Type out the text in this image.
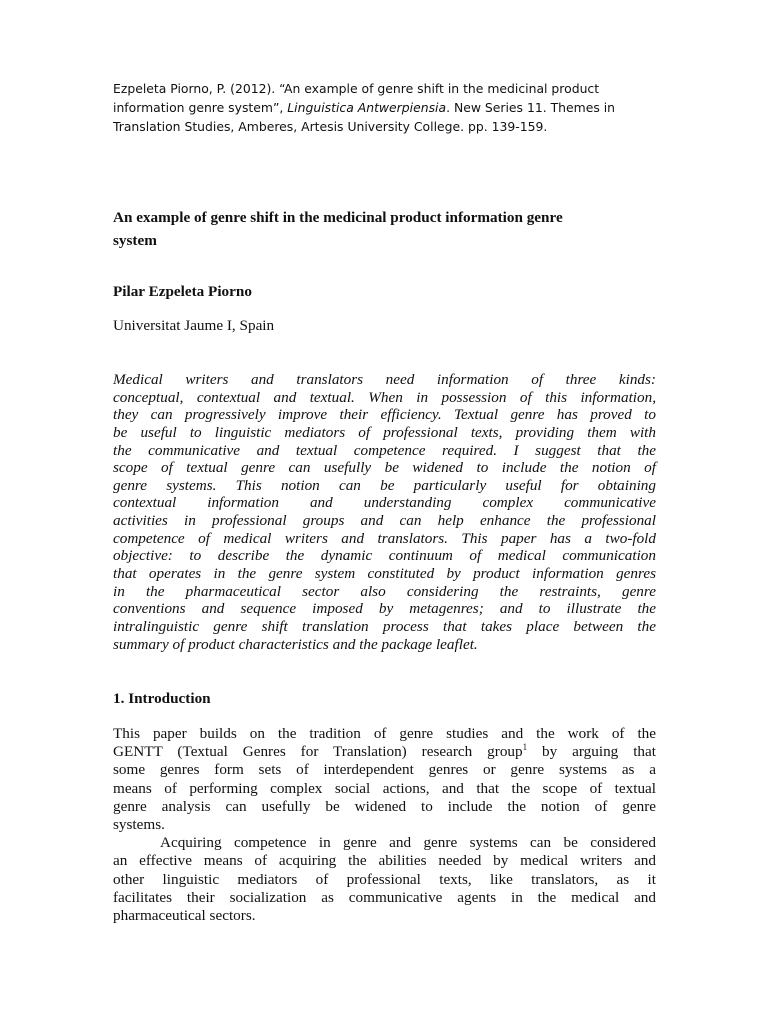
Ezpeleta Piorno, P. (2012). “An example of genre shift in the medicinal product

information genre system”, Linguistica Antwerpiensia. New Series 11. Themes in

Translation Studies, Amberes, Artesis University College. pp. 139-159.

An example of genre shift in the medicinal product information genre
system

Pilar Ezpeleta Piorno

Universitat Jaume I, Spain

Medical writers and translators need information of three kinds:
conceptual, contextual and textual. When in possession of this information,
they can progressively improve their efficiency. Textual genre has proved to
be useful to linguistic mediators of professional texts, providing them with
the communicative and textual competence required. I suggest that the
scope of textual genre can usefully be widened to include the notion of
genre systems. This notion can be particularly useful for obtaining
contextual information and understanding complex communicative
activities in professional groups and can help enhance the professional
competence of medical writers and translators. This paper has a two-fold
objective: to describe the dynamic continuum of medical communication
that operates in the genre system constituted by product information genres
in the pharmaceutical sector also considering the restraints, genre
conventions and sequence imposed by metagenres; and to illustrate the
intralinguistic genre shift translation process that takes place between the
summary of product characteristics and the package leaflet.
1. Introduction
This paper builds on the tradition of genre studies and the work of the
GENTT (Textual Genres for Translation) research group$^1$ by arguing that
some genres form sets of interdependent genres or genre systems as a
means of performing complex social actions, and that the scope of textual
genre analysis can usefully be widened to include the notion of genre
systems.
Acquiring competence in genre and genre systems can be considered
an effective means of acquiring the abilities needed by medical writers and
other linguistic mediators of professional texts, like translators, as it
facilitates their socialization as communicative agents in the medical and
pharmaceutical sectors.
